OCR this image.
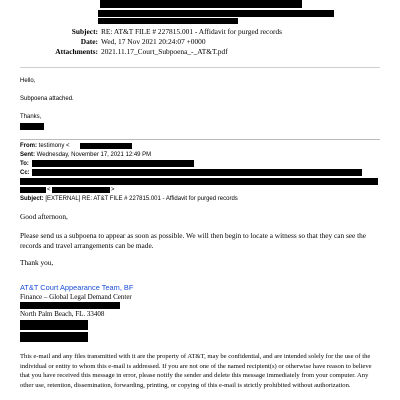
Subject: RE: AT&T FILE # 227815.001 - Affidavit for purged records
Date: Wed, 17 Nov 2021 20:24:07 +0000
Attachments: 2021.11.17_Court_Subpoena_-_AT&T.pdf
Hello,
Subpoena attached.
Thanks,
From: testimony <
Sent: Wednesday, November 17, 2021 12:49 PM
To:
Cc:
<	>
Subject: [EXTERNAL] RE: AT&T FILE # 227815.001 - Affidavit for purged records
Good afternoon,
Please send us a subpoena to appear as soon as possible. We will then begin to locate a witness so that they can see the records and travel arrangements can be made.
Thank you,
AT&T Court Appearance Team, BF
Finance – Global Legal Demand Center
North Palm Beach, FL. 33408
This e-mail and any files transmitted with it are the property of AT&T, may be confidential, and are intended solely for the use of the individual or entity to whom this e-mail is addressed. If you are not one of the named recipient(s) or otherwise have reason to believe that you have received this message in error, please notify the sender and delete this message immediately from your computer. Any other use, retention, dissemination, forwarding, printing, or copying of this e-mail is strictly prohibited without authorization.
